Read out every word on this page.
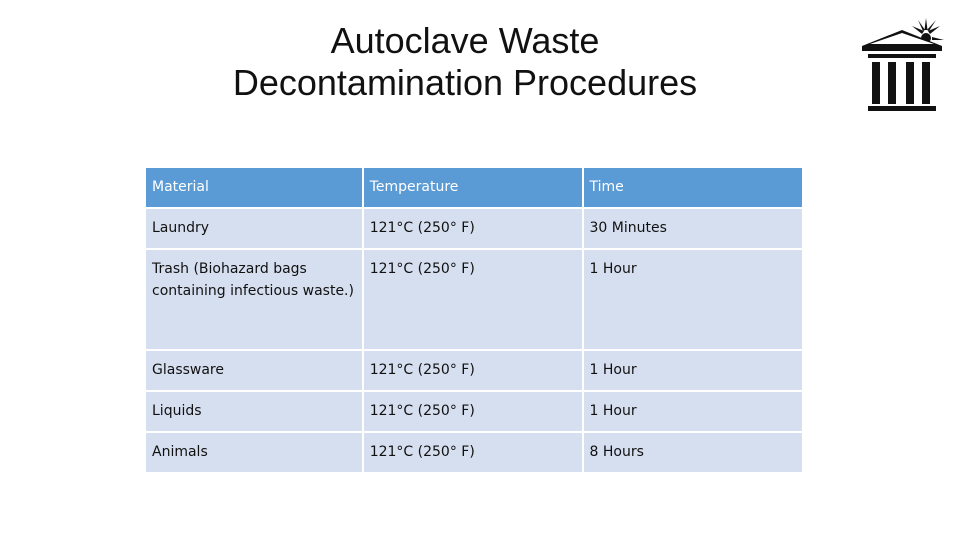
Autoclave Waste
Decontamination Procedures
Material	Temperature	Time
Laundry	121°C (250° F)	30 Minutes
Trash (Biohazard bags containing infectious waste.)	121°C (250° F)	1 Hour
Glassware	121°C (250° F)	1 Hour
Liquids	121°C (250° F)	1 Hour
Animals	121°C (250° F)	8 Hours
